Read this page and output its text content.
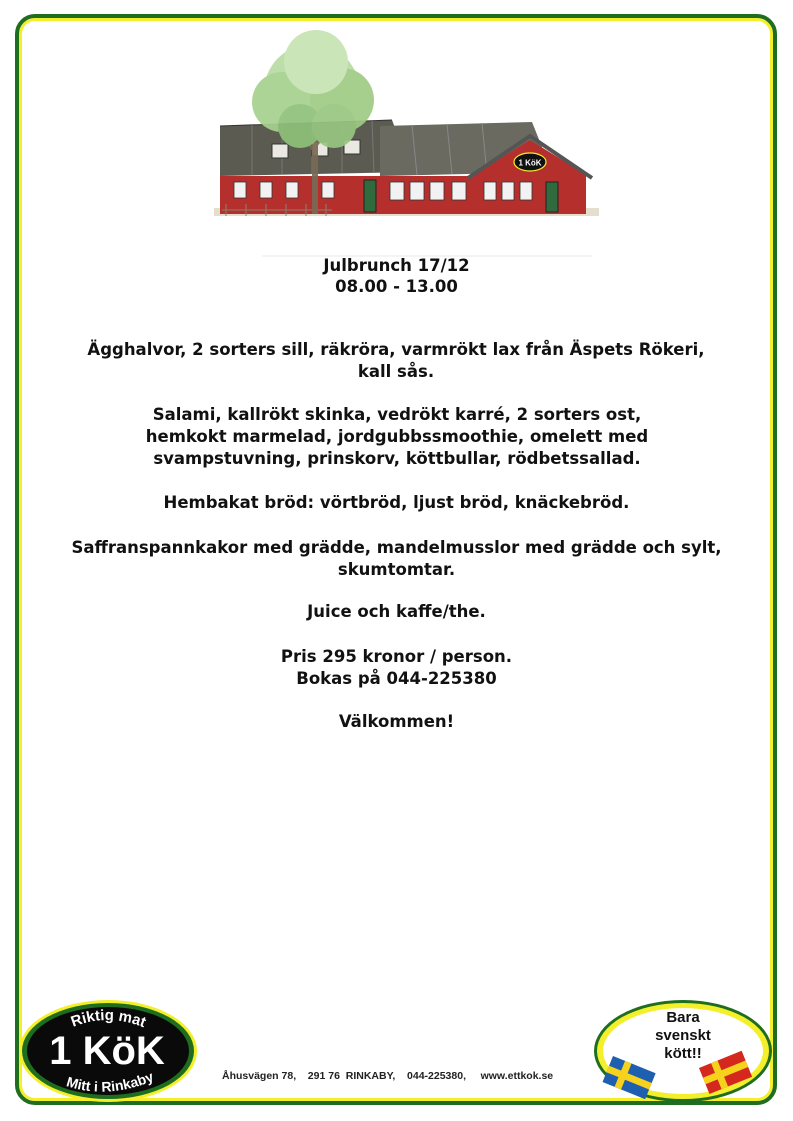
1 KöK
Julbrunch 17/12
08.00 - 13.00
Ägghalvor, 2 sorters sill, räkröra, varmrökt lax från Äspets Rökeri, kall sås.
Salami, kallrökt skinka, vedrökt karré, 2 sorters ost, hemkokt marmelad, jordgubbssmoothie, omelett med svampstuvning, prinskorv, köttbullar, rödbetssallad.
Hembakat bröd: vörtbröd, ljust bröd, knäckebröd.
Saffranspannkakor med grädde, mandelmusslor med grädde och sylt, skumtomtar.
Juice och kaffe/the.
Pris 295 kronor / person.
Bokas på 044-225380
Välkommen!
Riktig mat
1 KöK
Mitt i Rinkaby
Bara
svenskt
kött!!
Åhusvägen 78, 291 76  RINKABY, 044-225380, www.ettkok.se
